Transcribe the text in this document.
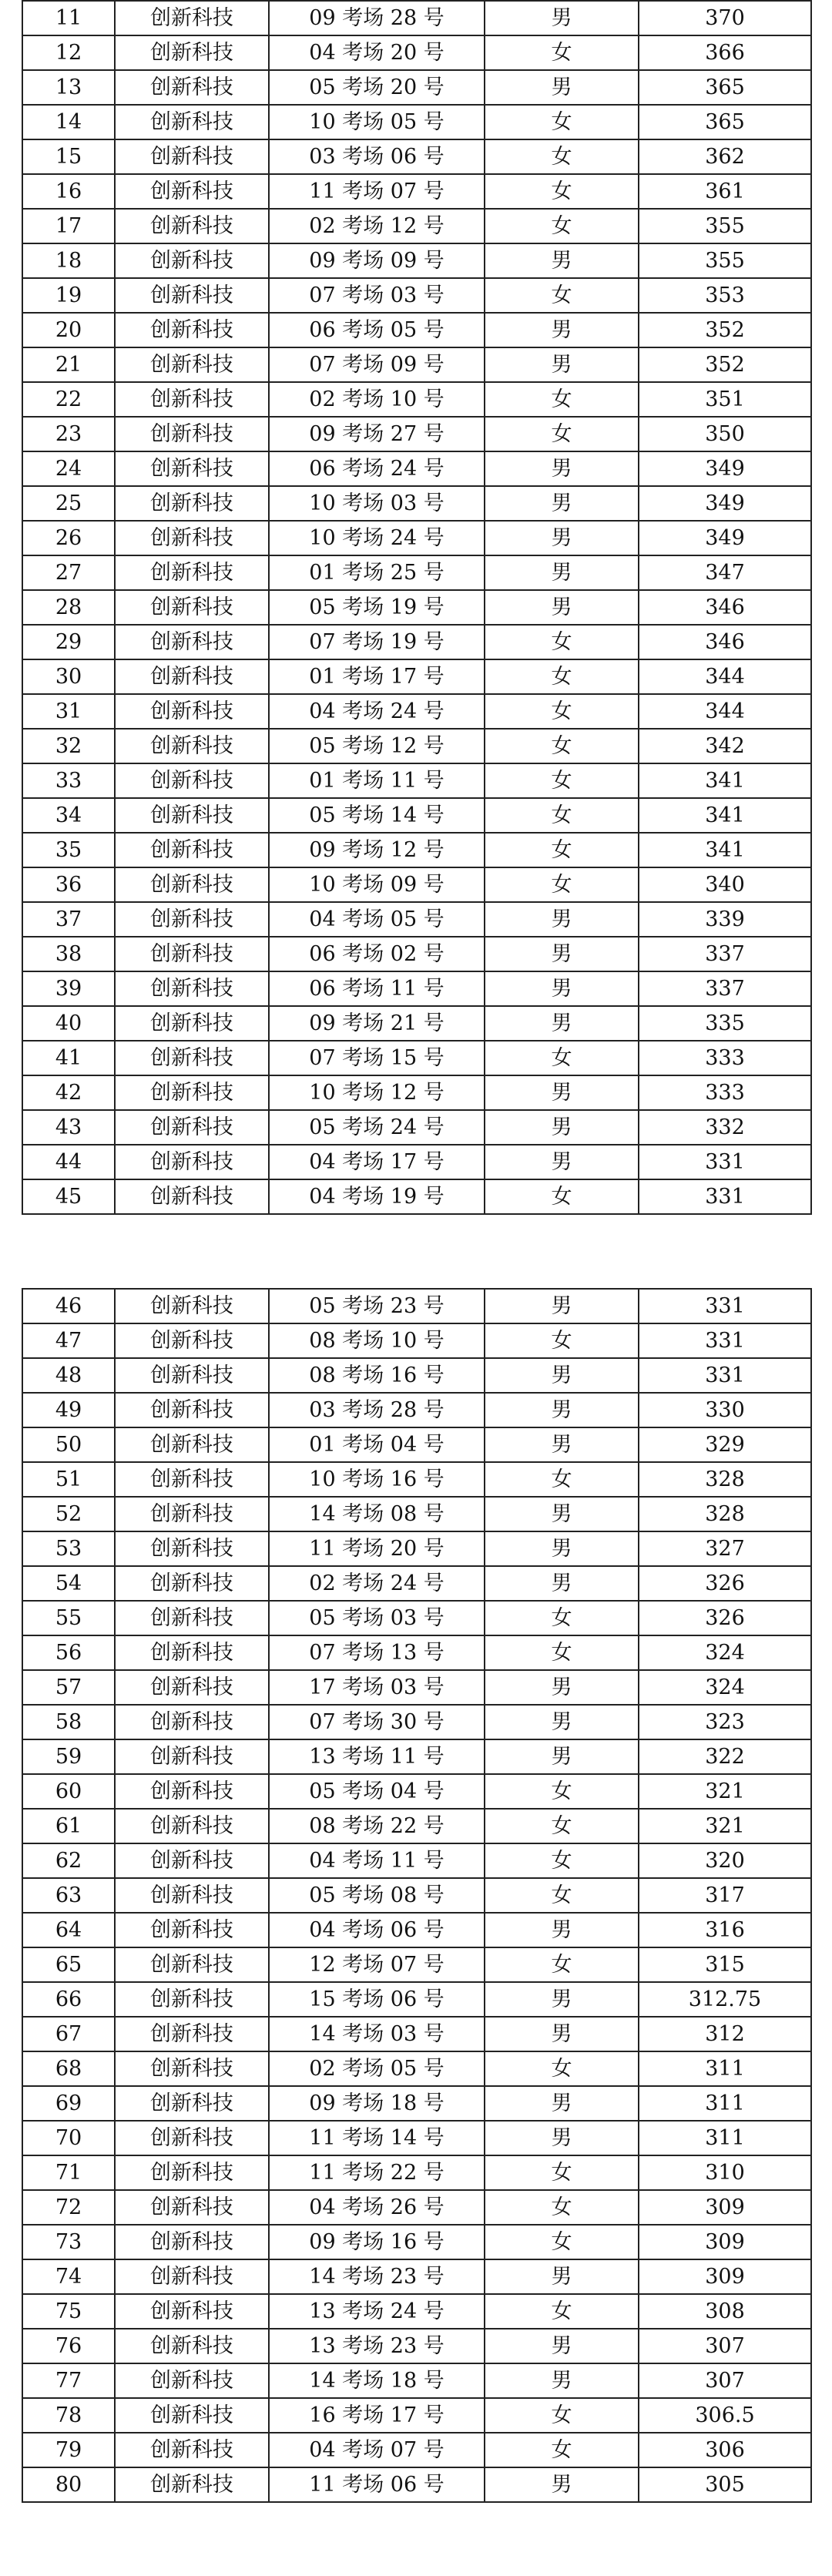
11	创新科技	09 考场 28 号	男	370
12	创新科技	04 考场 20 号	女	366
13	创新科技	05 考场 20 号	男	365
14	创新科技	10 考场 05 号	女	365
15	创新科技	03 考场 06 号	女	362
16	创新科技	11 考场 07 号	女	361
17	创新科技	02 考场 12 号	女	355
18	创新科技	09 考场 09 号	男	355
19	创新科技	07 考场 03 号	女	353
20	创新科技	06 考场 05 号	男	352
21	创新科技	07 考场 09 号	男	352
22	创新科技	02 考场 10 号	女	351
23	创新科技	09 考场 27 号	女	350
24	创新科技	06 考场 24 号	男	349
25	创新科技	10 考场 03 号	男	349
26	创新科技	10 考场 24 号	男	349
27	创新科技	01 考场 25 号	男	347
28	创新科技	05 考场 19 号	男	346
29	创新科技	07 考场 19 号	女	346
30	创新科技	01 考场 17 号	女	344
31	创新科技	04 考场 24 号	女	344
32	创新科技	05 考场 12 号	女	342
33	创新科技	01 考场 11 号	女	341
34	创新科技	05 考场 14 号	女	341
35	创新科技	09 考场 12 号	女	341
36	创新科技	10 考场 09 号	女	340
37	创新科技	04 考场 05 号	男	339
38	创新科技	06 考场 02 号	男	337
39	创新科技	06 考场 11 号	男	337
40	创新科技	09 考场 21 号	男	335
41	创新科技	07 考场 15 号	女	333
42	创新科技	10 考场 12 号	男	333
43	创新科技	05 考场 24 号	男	332
44	创新科技	04 考场 17 号	男	331
45	创新科技	04 考场 19 号	女	331
46	创新科技	05 考场 23 号	男	331
47	创新科技	08 考场 10 号	女	331
48	创新科技	08 考场 16 号	男	331
49	创新科技	03 考场 28 号	男	330
50	创新科技	01 考场 04 号	男	329
51	创新科技	10 考场 16 号	女	328
52	创新科技	14 考场 08 号	男	328
53	创新科技	11 考场 20 号	男	327
54	创新科技	02 考场 24 号	男	326
55	创新科技	05 考场 03 号	女	326
56	创新科技	07 考场 13 号	女	324
57	创新科技	17 考场 03 号	男	324
58	创新科技	07 考场 30 号	男	323
59	创新科技	13 考场 11 号	男	322
60	创新科技	05 考场 04 号	女	321
61	创新科技	08 考场 22 号	女	321
62	创新科技	04 考场 11 号	女	320
63	创新科技	05 考场 08 号	女	317
64	创新科技	04 考场 06 号	男	316
65	创新科技	12 考场 07 号	女	315
66	创新科技	15 考场 06 号	男	312.75
67	创新科技	14 考场 03 号	男	312
68	创新科技	02 考场 05 号	女	311
69	创新科技	09 考场 18 号	男	311
70	创新科技	11 考场 14 号	男	311
71	创新科技	11 考场 22 号	女	310
72	创新科技	04 考场 26 号	女	309
73	创新科技	09 考场 16 号	女	309
74	创新科技	14 考场 23 号	男	309
75	创新科技	13 考场 24 号	女	308
76	创新科技	13 考场 23 号	男	307
77	创新科技	14 考场 18 号	男	307
78	创新科技	16 考场 17 号	女	306.5
79	创新科技	04 考场 07 号	女	306
80	创新科技	11 考场 06 号	男	305
